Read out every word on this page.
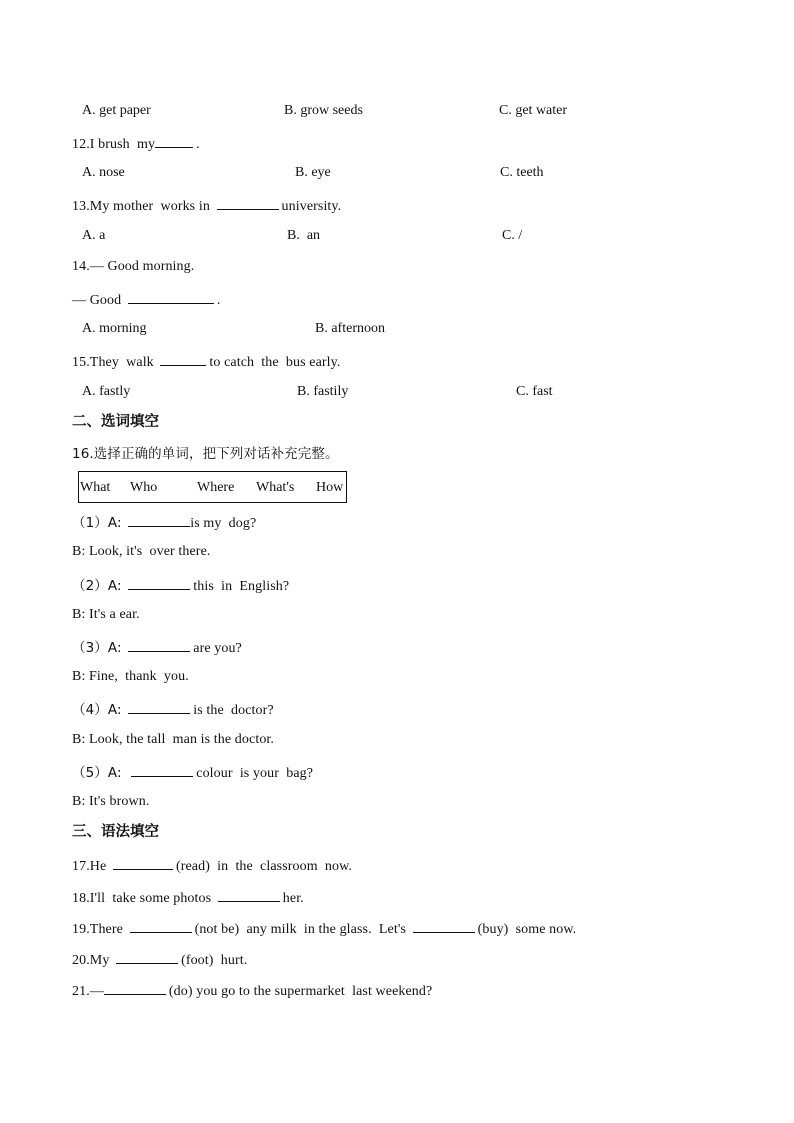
A. get paper	B. grow seeds	C. get water
12.I brush  my	.
A. nose	B. eye	C. teeth
13.My mother  works in	university.
A. a	B.  an	C. /
14.— Good morning.
— Good	.
A. morning	B. afternoon
15.They  walk	to catch  the  bus early.
A. fastly	B. fastily	C. fast
二、选词填空
16.选择正确的单词，把下列对话补充完整。
What Who	Where What's How
（1）A:	is my  dog?
B: Look, it's  over there.
（2）A:	this  in  English?
B: It's a ear.
（3）A:	are you?
B: Fine,  thank  you.
（4）A:	is the  doctor?
B: Look, the tall  man is the doctor.
（5）A:	colour  is your  bag?
B: It's brown.
三、语法填空
17.He	(read)  in  the  classroom  now.
18.I'll  take some photos	her.
19.There	(not be)  any milk  in the glass.  Let's	(buy)  some now.
20.My	(foot)  hurt.
21.—	(do) you go to the supermarket  last weekend?
